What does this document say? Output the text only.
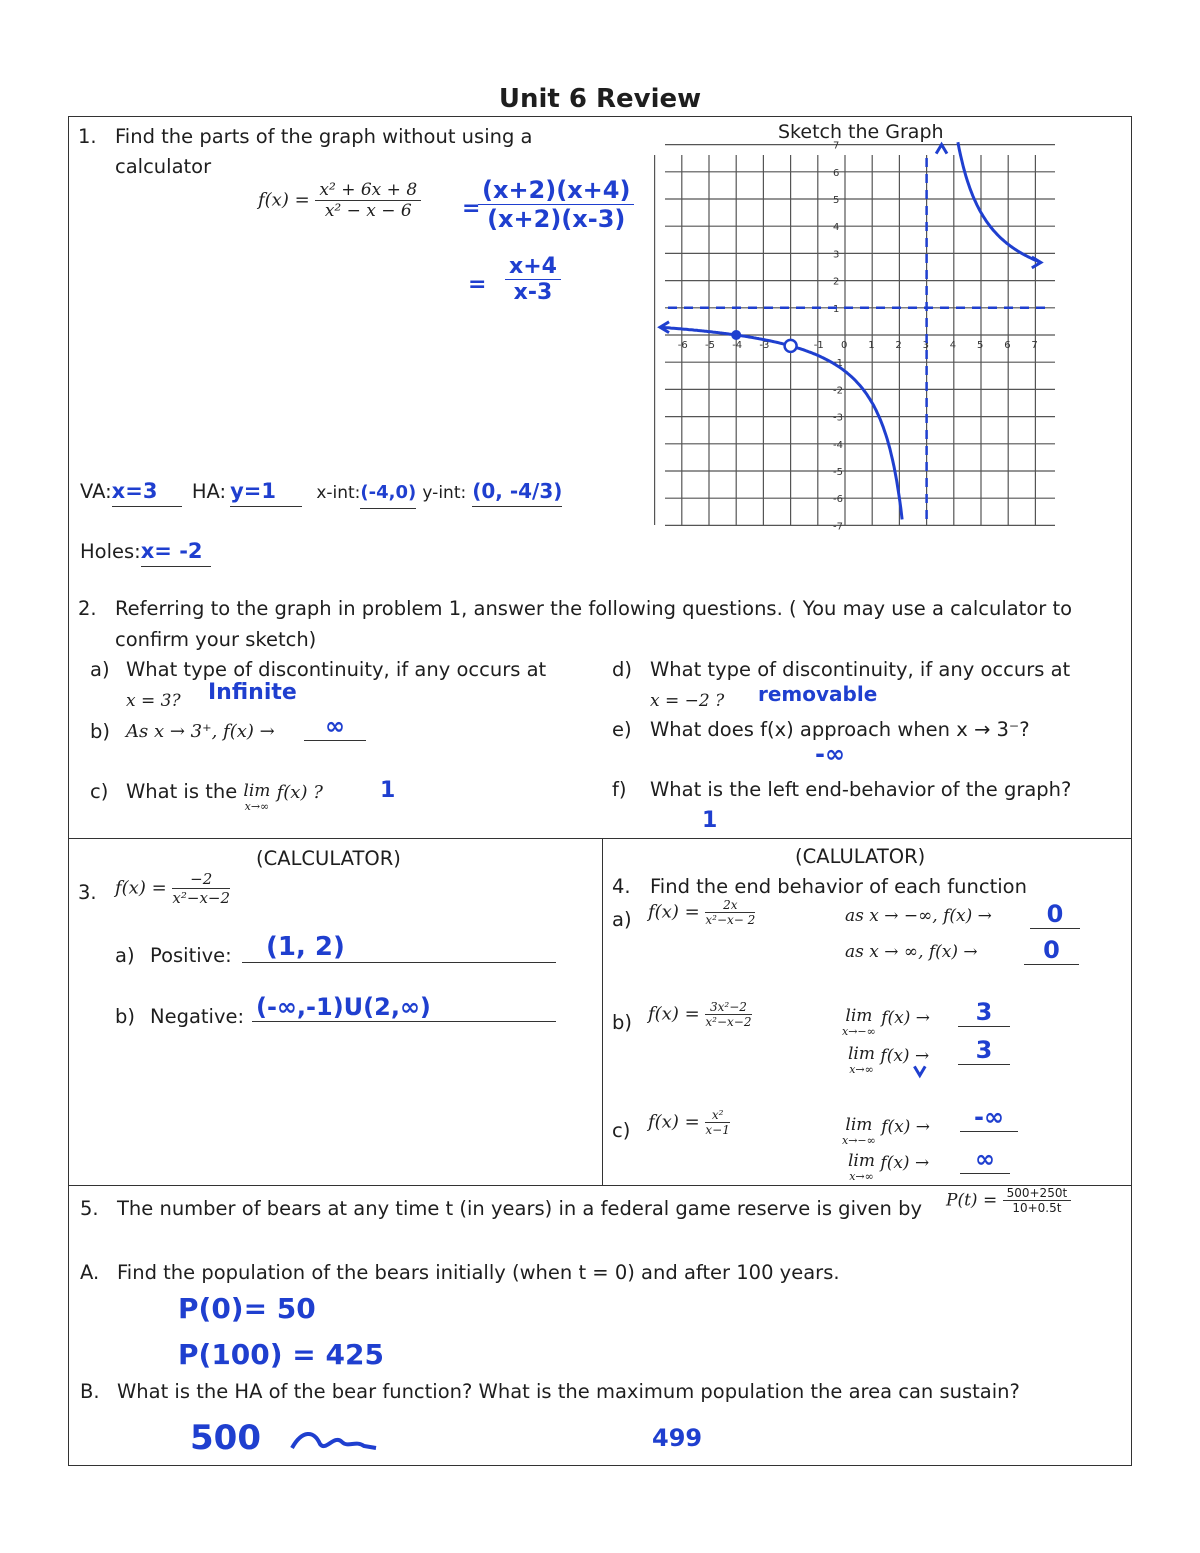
Unit 6 Review
1. Find the parts of the graph without using a
calculator
$f(x) = \frac{\text{x² + 6x + 8}}{\text{x² − x − 6}}$ =
$\frac{(x+2)(x+4)}{(x+2)(x-3)}$
= $\frac{x+4}{x-3}$
VA:x=3 HA: y=1 x-int:(-4,0) y-int: (0, -4/3)
Holes:x= -2
Sketch the Graph
-6 -5 -4 -3	-1 0 1 2 3 4 5 6 7
7
6
5
4
3
2
1
-1
-2
-3
-4
-5
-6
-7
2. Referring to the graph in problem 1, answer the following questions. ( You may use a calculator to
confirm your sketch)
a) What type of discontinuity, if any occurs at
x = 3? Infinite
b) As x → 3⁺, f(x) →	∞
c) What is the lim
x→∞
f(x) ?	1
d) What type of discontinuity, if any occurs at
x = −2 ? removable
e) What does f(x) approach when x → 3⁻?
-∞
f) What is the left end-behavior of the graph?
1
(CALCULATOR)
3. $f(x) = \frac{-2}{\text{x²−x−2}}$
a) Positive:	(1, 2)
b) Negative: (-∞,-1)U(2,∞)
(CALULATOR)
4. Find the end behavior of each function
a) $f(x) = \frac{2x}{\text{x²−x− 2}}$	as x → −∞, f(x) →	0
as x → ∞, f(x) →	0
b) $f(x) = \frac{\text{3x²−2}}{\text{x²−x−2}}$	lim
x→−∞
f(x) →	3
lim
x→∞
f(x) →	3
c) $f(x) = \frac{\text{x²}}{x-1}$	lim
x→−∞
f(x) →	-∞
lim
x→∞
f(x) →	∞
5. The number of bears at any time t (in years) in a federal game reserve is given by $P(t) = \frac{500+250t}{10+0.5t}$
A. Find the population of the bears initially (when t = 0) and after 100 years.
P(0)= 50
P(100) = 425
B. What is the HA of the bear function? What is the maximum population the area can sustain?
500	499
